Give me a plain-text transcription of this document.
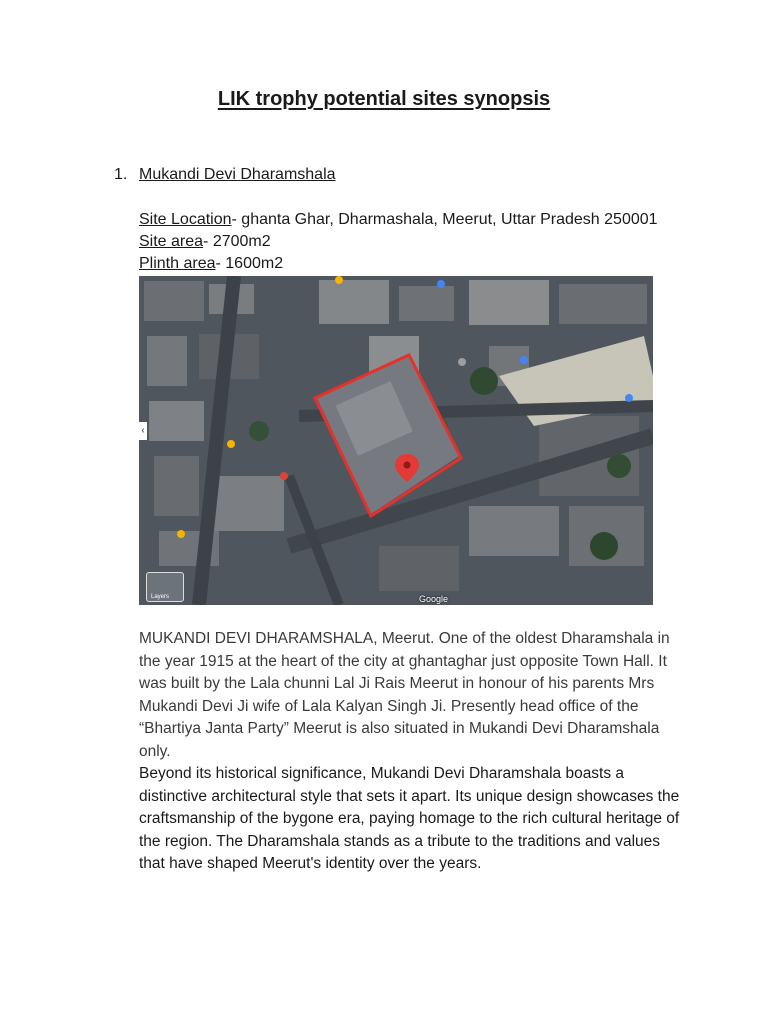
LIK trophy potential sites synopsis
1. Mukandi Devi Dharamshala
Site Location- ghanta Ghar, Dharmashala, Meerut, Uttar Pradesh 250001
Site area- 2700m2
Plinth area- 1600m2
‹
Layers	Google

MUKANDI DEVI DHARAMSHALA, Meerut. One of the oldest Dharamshala in the year 1915 at the heart of the city at ghantaghar just opposite Town Hall. It was built by the Lala chunni Lal Ji Rais Meerut in honour of his parents Mrs Mukandi Devi Ji wife of Lala Kalyan Singh Ji. Presently head office of the “Bhartiya Janta Party” Meerut is also situated in Mukandi Devi Dharamshala only.

Beyond its historical significance, Mukandi Devi Dharamshala boasts a distinctive architectural style that sets it apart. Its unique design showcases the craftsmanship of the bygone era, paying homage to the rich cultural heritage of the region. The Dharamshala stands as a tribute to the traditions and values that have shaped Meerut's identity over the years.
